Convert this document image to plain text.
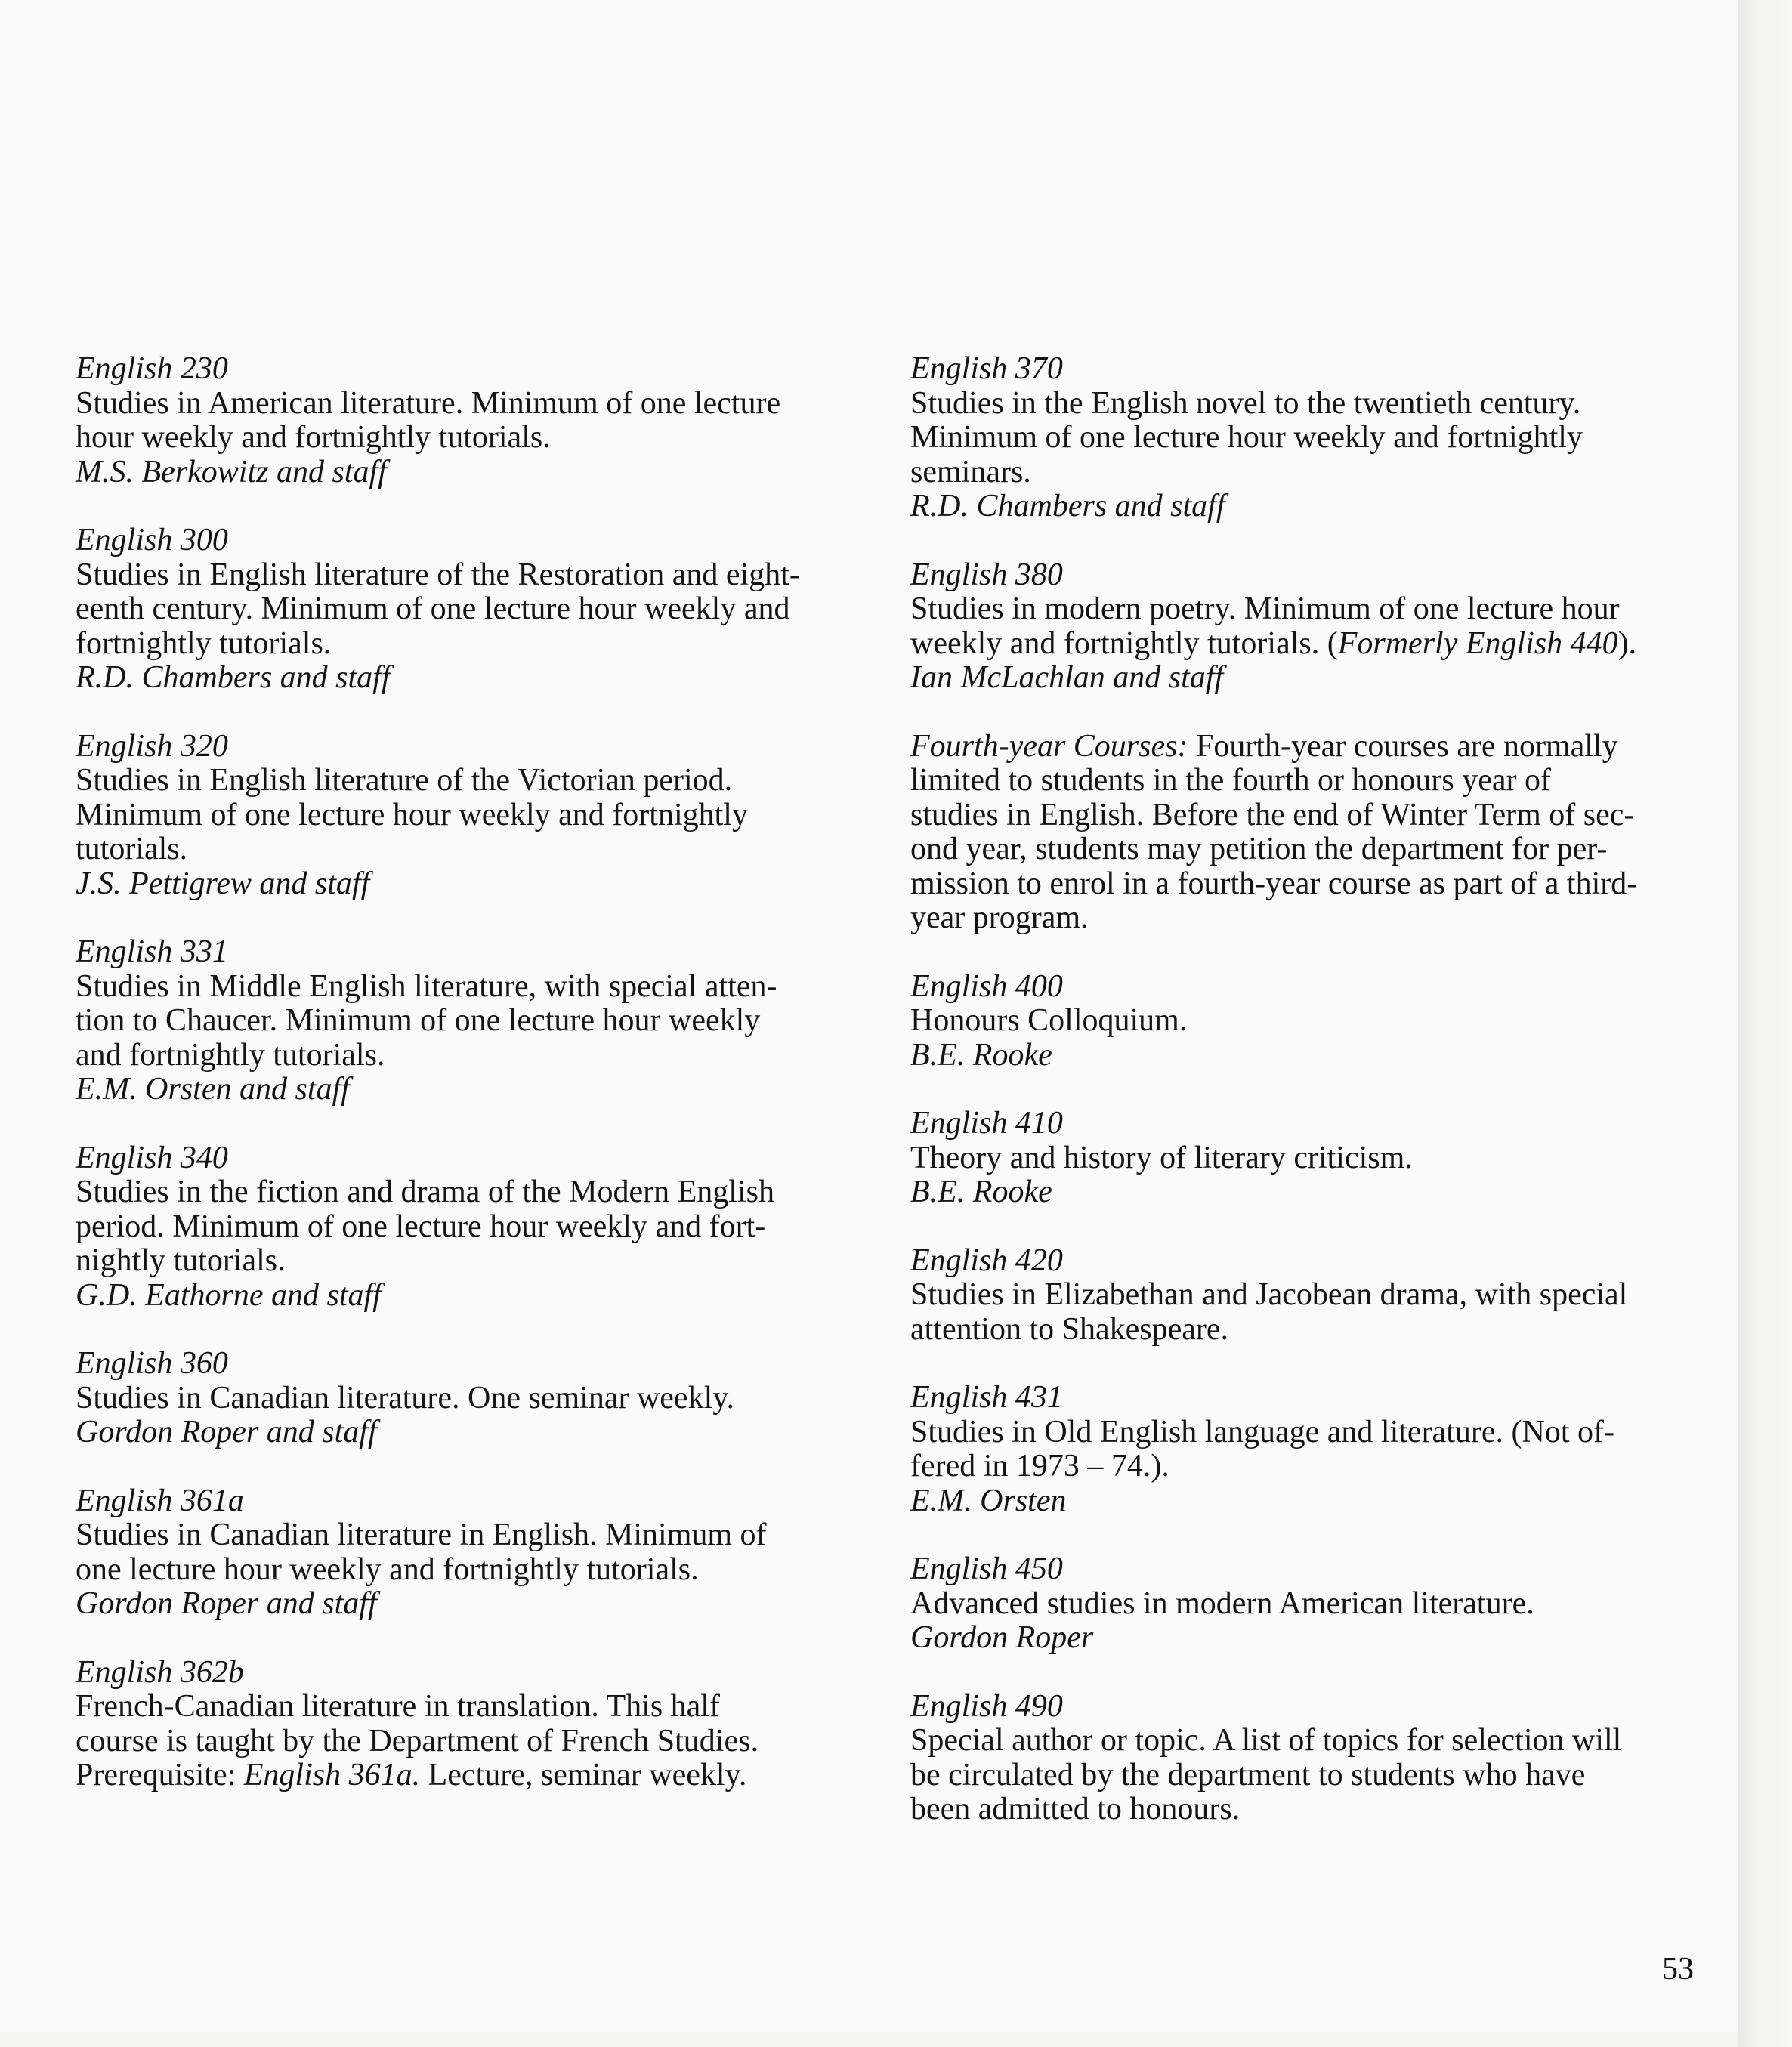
English 230

Studies in American literature. Minimum of one lecture

hour weekly and fortnightly tutorials.

M.S. Berkowitz and staff

English 300

Studies in English literature of the Restoration and eight-

eenth century. Minimum of one lecture hour weekly and

fortnightly tutorials.

R.D. Chambers and staff

English 320

Studies in English literature of the Victorian period.

Minimum of one lecture hour weekly and fortnightly

tutorials.

J.S. Pettigrew and staff

English 331

Studies in Middle English literature, with special atten-

tion to Chaucer. Minimum of one lecture hour weekly

and fortnightly tutorials.

E.M. Orsten and staff

English 340

Studies in the fiction and drama of the Modern English

period. Minimum of one lecture hour weekly and fort-

nightly tutorials.

G.D. Eathorne and staff

English 360

Studies in Canadian literature. One seminar weekly.

Gordon Roper and staff

English 361a

Studies in Canadian literature in English. Minimum of

one lecture hour weekly and fortnightly tutorials.

Gordon Roper and staff

English 362b

French-Canadian literature in translation. This half

course is taught by the Department of French Studies.

Prerequisite: English 361a. Lecture, seminar weekly.

English 370

Studies in the English novel to the twentieth century.

Minimum of one lecture hour weekly and fortnightly

seminars.

R.D. Chambers and staff

English 380

Studies in modern poetry. Minimum of one lecture hour

weekly and fortnightly tutorials. (Formerly English 440).

Ian McLachlan and staff

Fourth-year Courses: Fourth-year courses are normally

limited to students in the fourth or honours year of

studies in English. Before the end of Winter Term of sec-

ond year, students may petition the department for per-

mission to enrol in a fourth-year course as part of a third-

year program.

English 400

Honours Colloquium.

B.E. Rooke

English 410

Theory and history of literary criticism.

B.E. Rooke

English 420

Studies in Elizabethan and Jacobean drama, with special

attention to Shakespeare.

English 431

Studies in Old English language and literature. (Not of-

fered in 1973 – 74.).

E.M. Orsten

English 450

Advanced studies in modern American literature.

Gordon Roper

English 490

Special author or topic. A list of topics for selection will

be circulated by the department to students who have

been admitted to honours.

53
